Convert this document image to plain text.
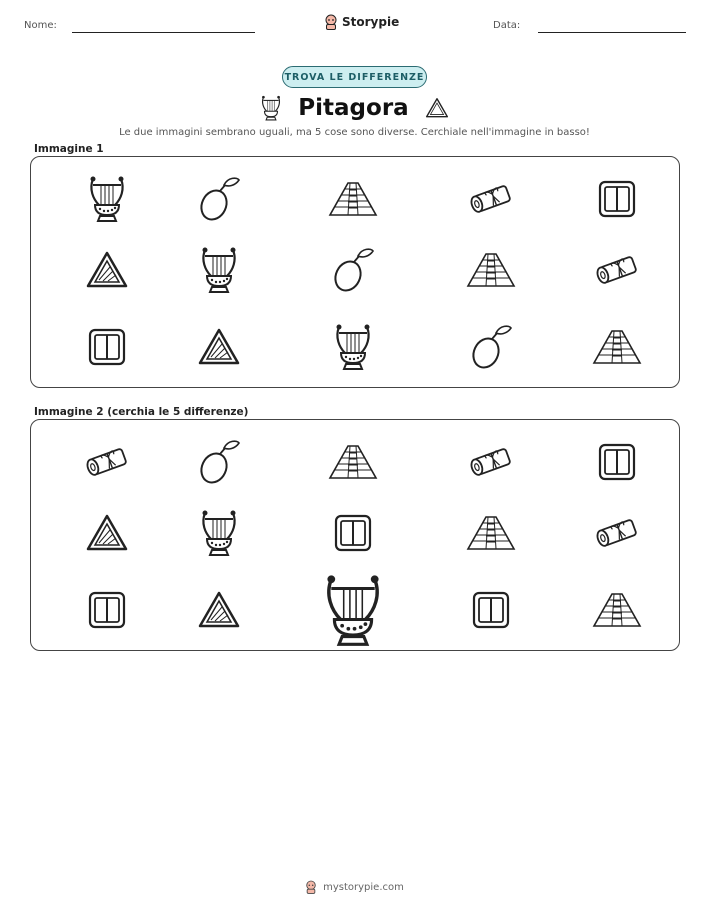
Nome:	Data:
Storypie
TROVA LE DIFFERENZE
Pitagora
Le due immagini sembrano uguali, ma 5 cose sono diverse. Cerchiale nell'immagine in basso!
Immagine 1
Immagine 2 (cerchia le 5 differenze)
mystorypie.com
